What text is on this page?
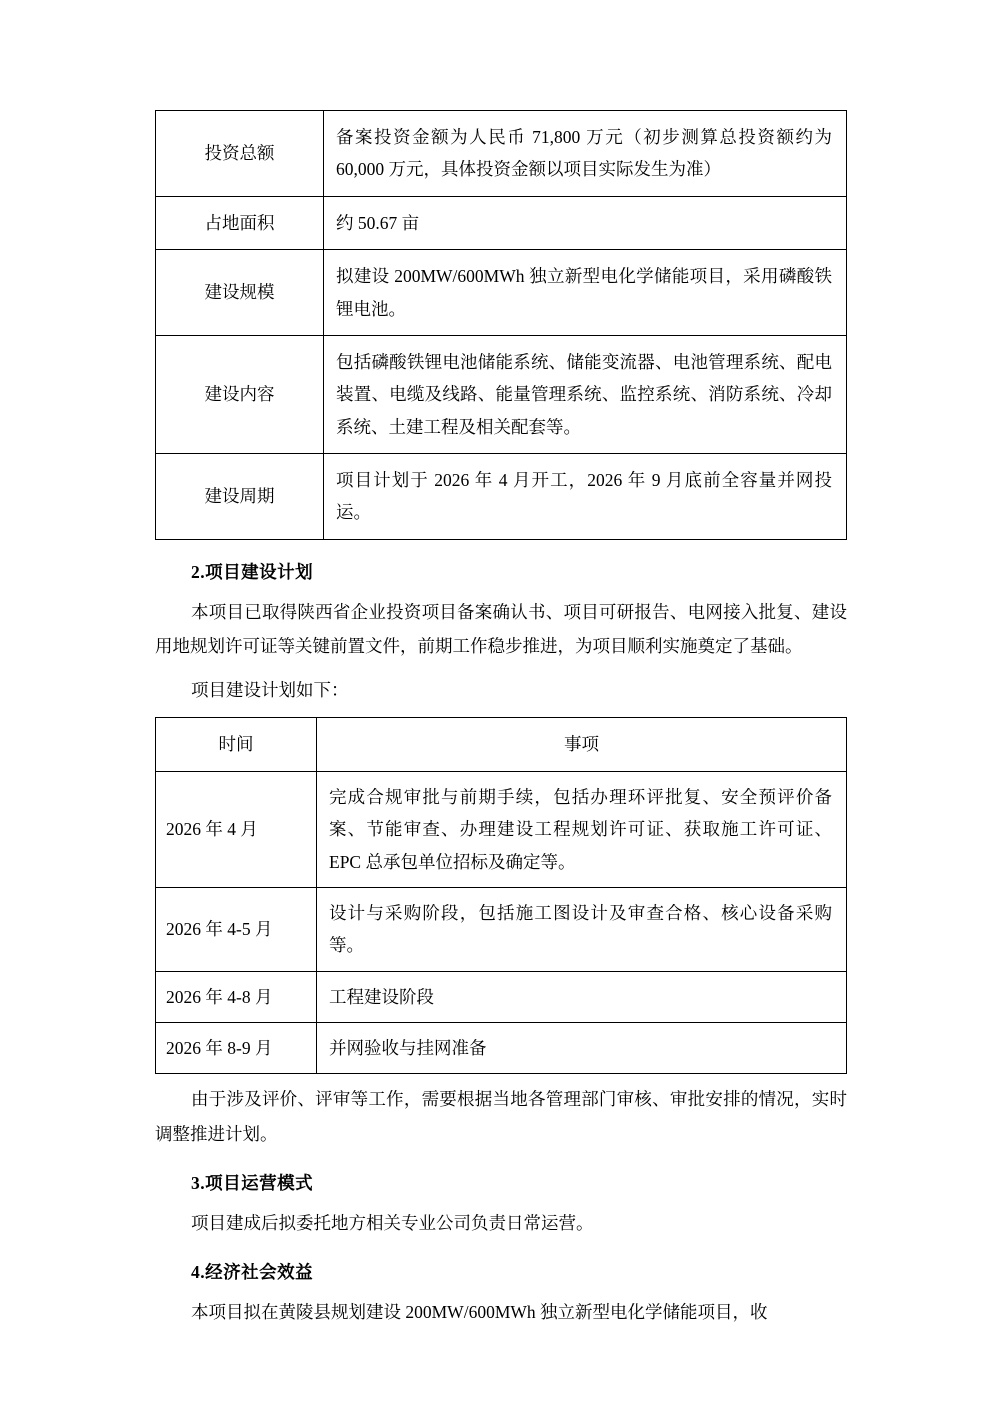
投资总额	备案投资金额为人民币 71,800 万元（初步测算总投资额约为 60,000 万元，具体投资金额以项目实际发生为准）
占地面积	约 50.67 亩
建设规模	拟建设 200MW/600MWh 独立新型电化学储能项目，采用磷酸铁锂电池。
建设内容	包括磷酸铁锂电池储能系统、储能变流器、电池管理系统、配电装置、电缆及线路、能量管理系统、监控系统、消防系统、冷却系统、土建工程及相关配套等。
建设周期	项目计划于 2026 年 4 月开工，2026 年 9 月底前全容量并网投运。
2.项目建设计划

本项目已取得陕西省企业投资项目备案确认书、项目可研报告、电网接入批复、建设用地规划许可证等关键前置文件，前期工作稳步推进，为项目顺利实施奠定了基础。

项目建设计划如下：

时间	事项
2026 年 4 月	完成合规审批与前期手续，包括办理环评批复、安全预评价备案、节能审查、办理建设工程规划许可证、获取施工许可证、EPC 总承包单位招标及确定等。
2026 年 4-5 月	设计与采购阶段，包括施工图设计及审查合格、核心设备采购等。
2026 年 4-8 月	工程建设阶段
2026 年 8-9 月	并网验收与挂网准备

由于涉及评价、评审等工作，需要根据当地各管理部门审核、审批安排的情况，实时调整推进计划。

3.项目运营模式

项目建成后拟委托地方相关专业公司负责日常运营。

4.经济社会效益

本项目拟在黄陵县规划建设 200MW/600MWh 独立新型电化学储能项目，收
